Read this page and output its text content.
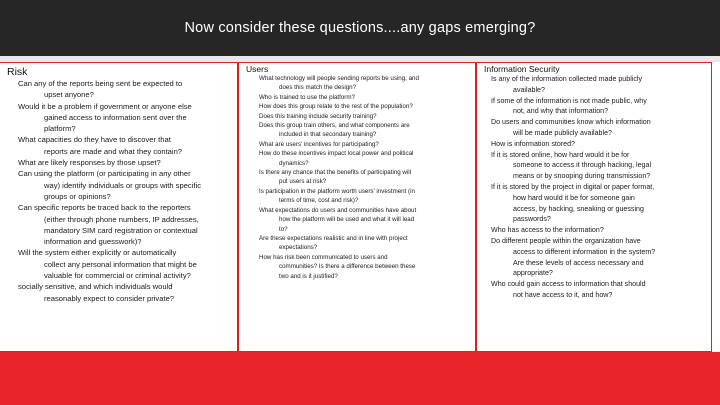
Now consider these questions....any gaps emerging?
Risk
Can any of the reports being sent be expected to
upset anyone?
Would it be a problem if government or anyone else
gained access to information sent over the
platform?
What capacities do they have to discover that
reports are made and what they contain?
What are likely responses by those upset?
Can using the platform (or participating in any other
way) identify individuals or groups with specific
groups or opinions?
Can specific reports be traced back to the reporters
(either through phone numbers, IP addresses,
mandatory SIM card registration or contextual
information and guesswork)?
Will the system either explicitly or automatically
collect any personal information that might be
valuable for commercial or criminal activity?
socially sensitive, and which individuals would
reasonably expect to consider private?
Users
What technology will people sending reports be using, and
does this match the design?
Who is trained to use the platform?
How does this group relate to the rest of the population?
Does this training include security training?
Does this group train others, and what components are
included in that secondary training?
What are users' incentives for participating?
How do these incentives impact local power and political
dynamics?
Is there any chance that the benefits of participating will
put users at risk?
Is participation in the platform worth users' investment (in
terms of time, cost and risk)?
What expectations do users and communities have about
how the platform will be used and what it will lead
to?
Are these expectations realistic and in line with project
expectations?
How has risk been communicated to users and
communities? Is there a difference between these
two and is it justified?
Information Security
Is any of the information collected made publicly
available?
If some of the information is not made public, why
not, and why that information?
Do users and communities know which information
will be made publicly available?
How is information stored?
If it is stored online, how hard would it be for
someone to access it through hacking, legal
means or by snooping during transmission?
If it is stored by the project in digital or paper format,
how hard would it be for someone gain
access, by hacking, sneaking or guessing
passwords?
Who has access to the information?
Do different people within the organization have
access to different information in the system?
Are these levels of access necessary and
appropriate?
Who could gain access to information that should
not have access to it, and how?
